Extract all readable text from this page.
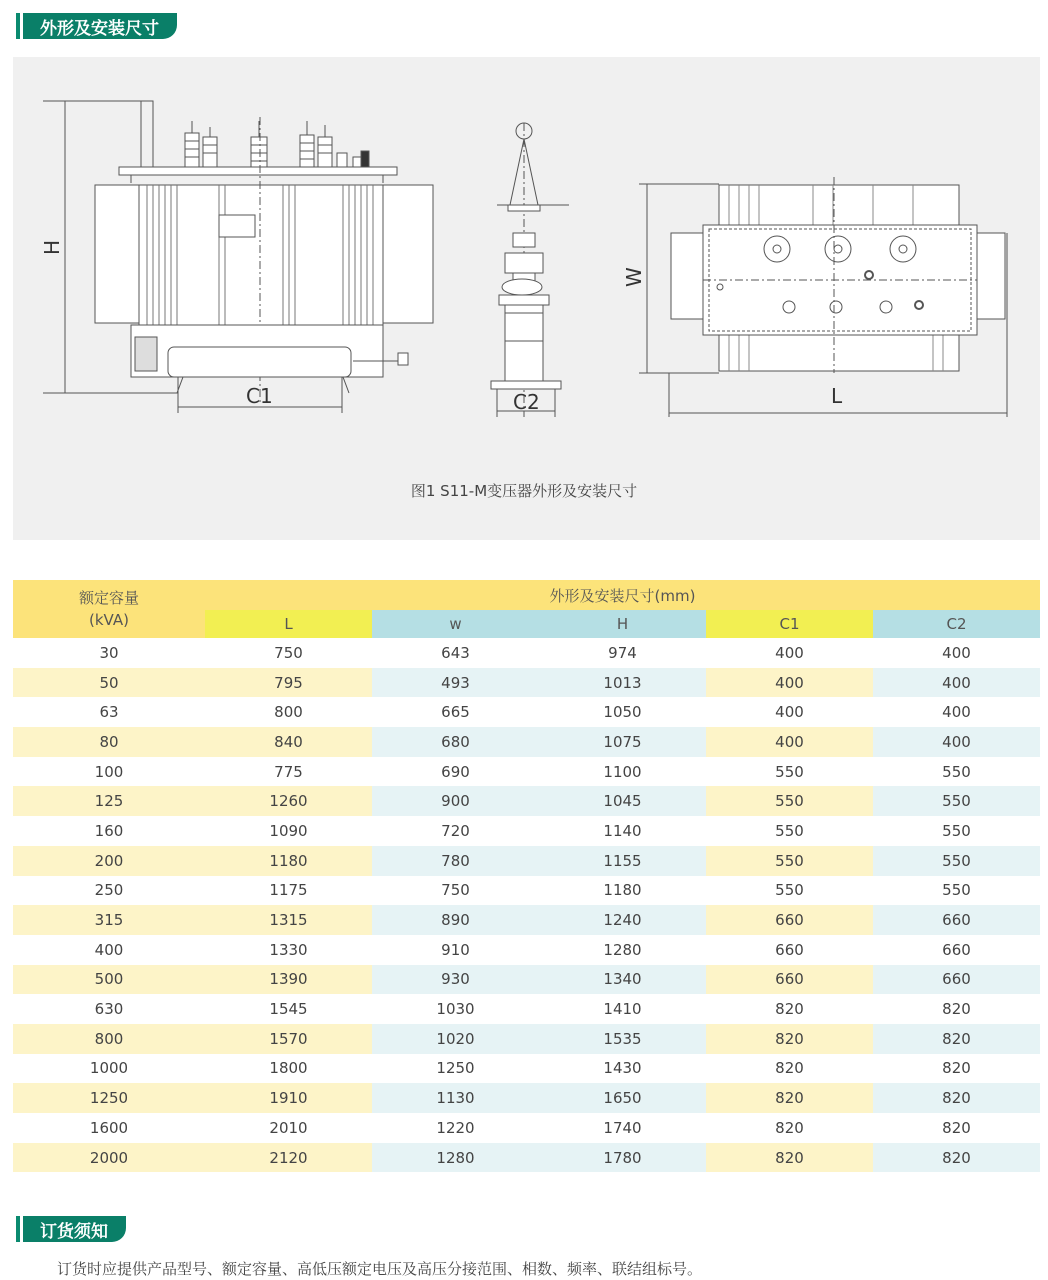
外形及安装尺寸
H
C1	C2
W
L
图1 S11-M变压器外形及安装尺寸
额定容量
(kVA)	外形及安装尺寸(mm)				
	L	w	H	C1	C2
30	750	643	974	400	400
50	795	493	1013	400	400
63	800	665	1050	400	400
80	840	680	1075	400	400
100	775	690	1100	550	550
125	1260	900	1045	550	550
160	1090	720	1140	550	550
200	1180	780	1155	550	550
250	1175	750	1180	550	550
315	1315	890	1240	660	660
400	1330	910	1280	660	660
500	1390	930	1340	660	660
630	1545	1030	1410	820	820
800	1570	1020	1535	820	820
1000	1800	1250	1430	820	820
1250	1910	1130	1650	820	820
1600	2010	1220	1740	820	820
2000	2120	1280	1780	820	820
订货须知
订货时应提供产品型号、额定容量、高低压额定电压及高压分接范围、相数、频率、联结组标号。
